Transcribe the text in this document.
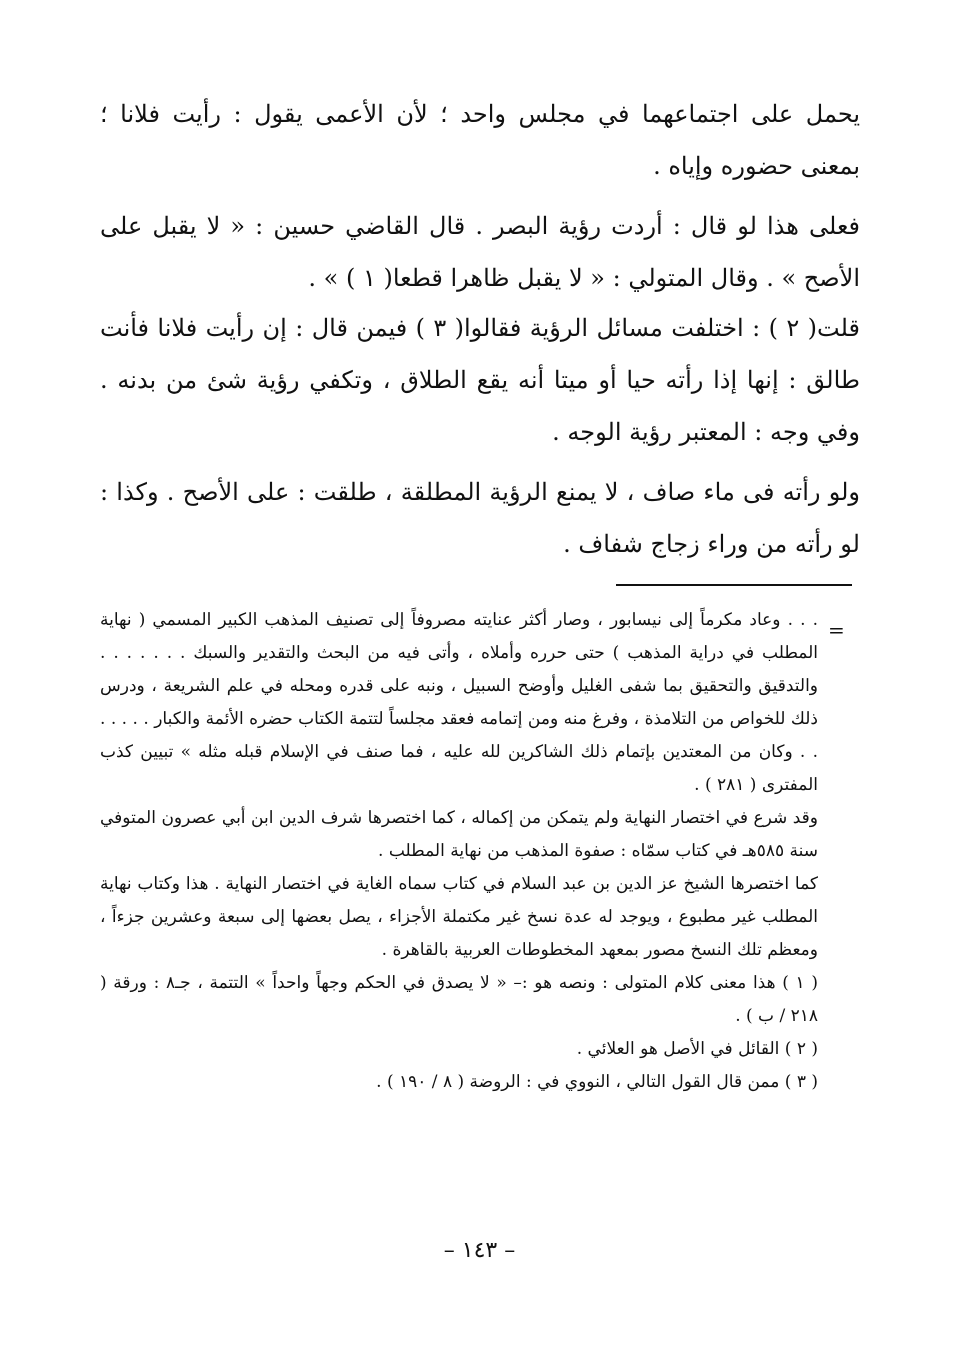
يحمل على اجتماعهما في مجلس واحد ؛ لأن الأعمى يقول : رأيت فلانا ؛ بمعنى حضوره وإياه .

فعلى هذا لو قال : أردت رؤية البصر . قال القاضي حسين : « لا يقبل على الأصح » . وقال المتولي : « لا يقبل ظاهرا قطعا( ١ ) » .

قلت( ٢ ) : اختلفت مسائل الرؤية فقالوا( ٣ ) فيمن قال : إن رأيت فلانا فأنت طالق : إنها إذا رأته حيا أو ميتا أنه يقع الطلاق ، وتكفي رؤية شئ من بدنه . وفي وجه : المعتبر رؤية الوجه .

ولو رأته فى ماء صاف ، لا يمنع الرؤية المطلقة ، طلقت : على الأصح . وكذا : لو رأته من وراء زجاج شفاف .

=

. . . وعاد مكرماً إلى نيسابور ، وصار أكثر عنايته مصروفاً إلى تصنيف المذهب الكبير المسمي ( نهاية المطلب في دراية المذهب ) حتى حرره وأملاه ، وأتى فيه من البحث والتقدير والسبك . . . . . . . والتدقيق والتحقيق بما شفى الغليل وأوضح السبيل ، ونبه على قدره ومحله في علم الشريعة ، ودرس ذلك للخواص من التلامذة ، وفرغ منه ومن إتمامه فعقد مجلساً لتتمة الكتاب حضره الأئمة والكبار . . . . . . . وكان من المعتدين بإتمام ذلك الشاكرين لله عليه ، فما صنف في الإسلام قبله مثله » تبيين كذب المفترى ( ٢٨١ ) .

وقد شرع في اختصار النهاية ولم يتمكن من إكماله ، كما اختصرها شرف الدين ابن أبي عصرون المتوفي سنة ٥٨٥هـ في كتاب سمّاه : صفوة المذهب من نهاية المطلب .

كما اختصرها الشيخ عز الدين بن عبد السلام في كتاب سماه الغاية في اختصار النهاية . هذا وكتاب نهاية المطلب غير مطبوع ، ويوجد له عدة نسخ غير مكتملة الأجزاء ، يصل بعضها إلى سبعة وعشرين جزءاً ، ومعظم تلك النسخ مصور بمعهد المخطوطات العربية بالقاهرة .

( ١ ) هذا معنى كلام المتولى : ونصه هو :– « لا يصدق في الحكم وجهاً واحداً » التتمة ، جـ٨ : ورقة ( ٢١٨ / ب ) .

( ٢ ) القائل في الأصل هو العلائي .

( ٣ ) ممن قال القول التالي ، النووي في : الروضة ( ٨ / ١٩٠ ) .

– ١٤٣ –
